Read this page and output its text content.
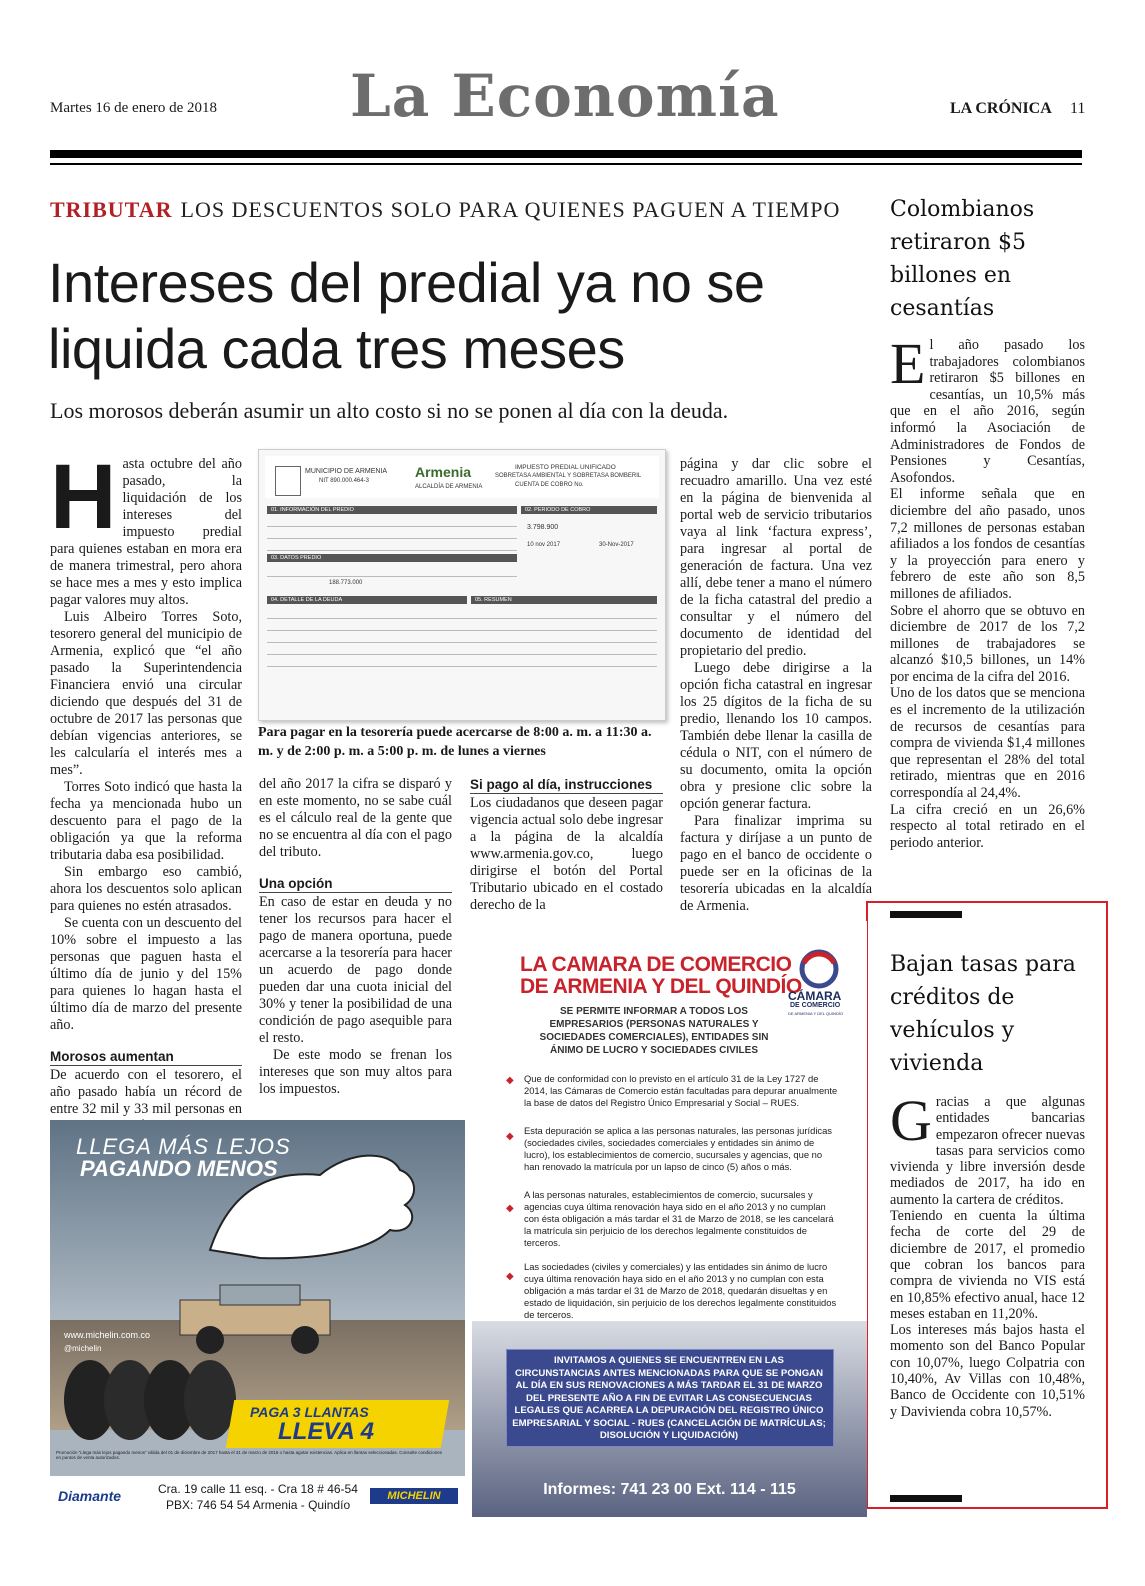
Martes 16 de enero de 2018 La Economía	LA CRÓNICA 11
TRIBUTAR LOS DESCUENTOS SOLO PARA QUIENES PAGUEN A TIEMPO
Intereses del predial ya no se liquida cada tres meses
Los morosos deberán asumir un alto costo si no se ponen al día con la deuda.
H asta octubre del año pasado, la liquidación de los intereses del impuesto predial para quienes estaban en mora era de manera trimestral, pero ahora se hace mes a mes y esto implica pagar valores muy altos.

Luis Albeiro Torres Soto, tesorero general del municipio de Armenia, explicó que “el año pasado la Superintendencia Financiera envió una circular diciendo que después del 31 de octubre de 2017 las personas que debían vigencias anteriores, se les calcularía el interés mes a mes”.

Torres Soto indicó que hasta la fecha ya mencionada hubo un descuento para el pago de la obligación ya que la reforma tributaria daba esa posibilidad.

Sin embargo eso cambió, ahora los descuentos solo aplican para quienes no estén atrasados.

Se cuenta con un descuento del 10% sobre el impuesto a las personas que paguen hasta el último día de junio y del 15% para quienes lo hagan hasta el último día de marzo del presente año.

Morosos aumentan

De acuerdo con el tesorero, el año pasado había un récord de entre 32 mil y 33 mil personas en

MUNICIPIO DE ARMENIA
NIT 890.000.464-3
Armenia
ALCALDÍA DE ARMENIA
IMPUESTO PREDIAL UNIFICADO
SOBRETASA AMBIENTAL Y SOBRETASA BOMBERIL
CUENTA DE COBRO No.
01. INFORMACIÓN DEL PREDIO	02. PERIODO DE COBRO
3.798.900
10 nov 2017	30-Nov-2017
03. DATOS PREDIO
188.773.000
04. DETALLE DE LA DEUDA	05. RESUMEN
Para pagar en la tesorería puede acercarse de 8:00 a. m. a 11:30 a. m. y de 2:00 p. m. a 5:00 p. m. de lunes a viernes

del año 2017 la cifra se disparó y en este momento, no se sabe cuál es el cálculo real de la gente que no se encuentra al día con el pago del tributo.

Una opción

En caso de estar en deuda y no tener los recursos para hacer el pago de manera oportuna, puede acercarse a la tesorería para hacer un acuerdo de pago donde pueden dar una cuota inicial del 30% y tener la posibilidad de una condición de pago asequible para el resto.

De este modo se frenan los intereses que son muy altos para los impuestos.

Si pago al día, instrucciones

Los ciudadanos que deseen pagar vigencia actual solo debe ingresar a la página de la alcaldía www.armenia.gov.co, luego dirigirse el botón del Portal Tributario ubicado en el costado derecho de la

página y dar clic sobre el recuadro amarillo. Una vez esté en la página de bienvenida al portal web de servicio tributarios vaya al link ‘factura express’, para ingresar al portal de generación de factura. Una vez allí, debe tener a mano el número de la ficha catastral del predio a consultar y el número del documento de identidad del propietario del predio.

Luego debe dirigirse a la opción ficha catastral en ingresar los 25 dígitos de la ficha de su predio, llenando los 10 campos. También debe llenar la casilla de cédula o NIT, con el número de su documento, omita la opción obra y presione clic sobre la opción generar factura.

Para finalizar imprima su factura y diríjase a un punto de pago en el banco de occidente o puede ser en la oficinas de la tesorería ubicadas en la alcaldía de Armenia.

Colombianos retiraron $5 billones en cesantías
E l año pasado los trabajadores colombianos retiraron $5 billones en cesantías, un 10,5% más que en el año 2016, según informó la Asociación de Administradores de Fondos de Pensiones y Cesantías, Asofondos.

El informe señala que en diciembre del año pasado, unos 7,2 millones de personas estaban afiliados a los fondos de cesantías y la proyección para enero y febrero de este año son 8,5 millones de afiliados.

Sobre el ahorro que se obtuvo en diciembre de 2017 de los 7,2 millones de trabajadores se alcanzó $10,5 billones, un 14% por encima de la cifra del 2016.

Uno de los datos que se menciona es el incremento de la utilización de recursos de cesantías para compra de vivienda $1,4 millones que representan el 28% del total retirado, mientras que en 2016 correspondía al 24,4%.

La cifra creció en un 26,6% respecto al total retirado en el periodo anterior.

Bajan tasas para créditos de vehículos y vivienda
G racias a que algunas entidades bancarias empezaron ofrecer nuevas tasas para servicios como vivienda y libre inversión desde mediados de 2017, ha ido en aumento la cartera de créditos.

Teniendo en cuenta la última fecha de corte del 29 de diciembre de 2017, el promedio que cobran los bancos para compra de vivienda no VIS está en 10,85% efectivo anual, hace 12 meses estaban en 11,20%.

Los intereses más bajos hasta el momento son del Banco Popular con 10,07%, luego Colpatria con 10,40%, Av Villas con 10,48%, Banco de Occidente con 10,51% y Davivienda cobra 10,57%.

LLEGA MÁS LEJOS
PAGANDO MENOS
www.michelin.com.co
@michelin
PAGA 3 LLANTAS
LLEVA 4
Promoción “Llega más lejos pagando menos” válida del 01 de diciembre de 2017 hasta el 31 de marzo de 2018 o hasta agotar existencias. Aplica en llantas seleccionadas. Consulte condiciones en puntos de venta autorizados.
Diamante	Cra. 19 calle 11 esq. - Cra 18 # 46-54
PBX: 746 54 54 Armenia - Quindío
MICHELIN
LA CAMARA DE COMERCIO
DE ARMENIA Y DEL QUINDÍO
CÁMARA
DE COMERCIO
DE ARMENIA Y DEL QUINDÍO
SE PERMITE INFORMAR A TODOS LOS EMPRESARIOS (PERSONAS NATURALES Y SOCIEDADES COMERCIALES), ENTIDADES SIN ÁNIMO DE LUCRO Y SOCIEDADES CIVILES
◆ Que de conformidad con lo previsto en el artículo 31 de la Ley 1727 de 2014, las Cámaras de Comercio están facultadas para depurar anualmente la base de datos del Registro Único Empresarial y Social – RUES.
◆
Esta depuración se aplica a las personas naturales, las personas jurídicas (sociedades civiles, sociedades comerciales y entidades sin ánimo de lucro), los establecimientos de comercio, sucursales y agencias, que no han renovado la matrícula por un lapso de cinco (5) años o más.
◆
A las personas naturales, establecimientos de comercio, sucursales y agencias cuya última renovación haya sido en el año 2013 y no cumplan con ésta obligación a más tardar el 31 de Marzo de 2018, se les cancelará la matrícula sin perjuicio de los derechos legalmente constituidos de terceros.
◆
Las sociedades (civiles y comerciales) y las entidades sin ánimo de lucro cuya última renovación haya sido en el año 2013 y no cumplan con esta obligación a más tardar el 31 de Marzo de 2018, quedarán disueltas y en estado de liquidación, sin perjuicio de los derechos legalmente constituidos de terceros.
INVITAMOS A QUIENES SE ENCUENTREN EN LAS CIRCUNSTANCIAS ANTES MENCIONADAS PARA QUE SE PONGAN AL DÍA EN SUS RENOVACIONES A MÁS TARDAR EL 31 DE MARZO DEL PRESENTE AÑO A FIN DE EVITAR LAS CONSECUENCIAS LEGALES QUE ACARREA LA DEPURACIÓN DEL REGISTRO ÚNICO EMPRESARIAL Y SOCIAL - RUES (CANCELACIÓN DE MATRÍCULAS; DISOLUCIÓN Y LIQUIDACIÓN)
Informes: 741 23 00 Ext. 114 - 115
